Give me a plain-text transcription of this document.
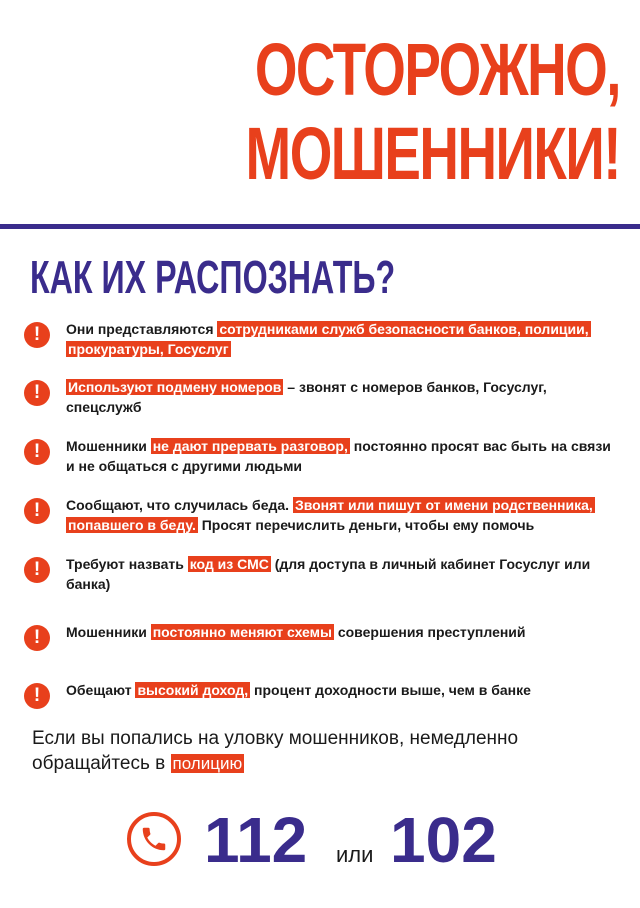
ОСТОРОЖНО,
МОШЕННИКИ!
КАК ИХ РАСПОЗНАТЬ?
!	Они представляются сотрудниками служб безопасности банков, полиции, прокуратуры, Госуслуг
!	Используют подмену номеров – звонят с номеров банков, Госуслуг, спецслужб
!	Мошенники не дают прервать разговор, постоянно просят вас быть на связи и не общаться с другими людьми
!	Сообщают, что случилась беда. Звонят или пишут от имени родственника, попавшего в беду. Просят перечислить деньги, чтобы ему помочь
!	Требуют назвать код из СМС (для доступа в личный кабинет Госуслуг или банка)
!	Мошенники постоянно меняют схемы совершения преступлений
!	Обещают высокий доход, процент доходности выше, чем в банке
Если вы попались на уловку мошенников, немедленно обращайтесь в полицию
112 или 102
